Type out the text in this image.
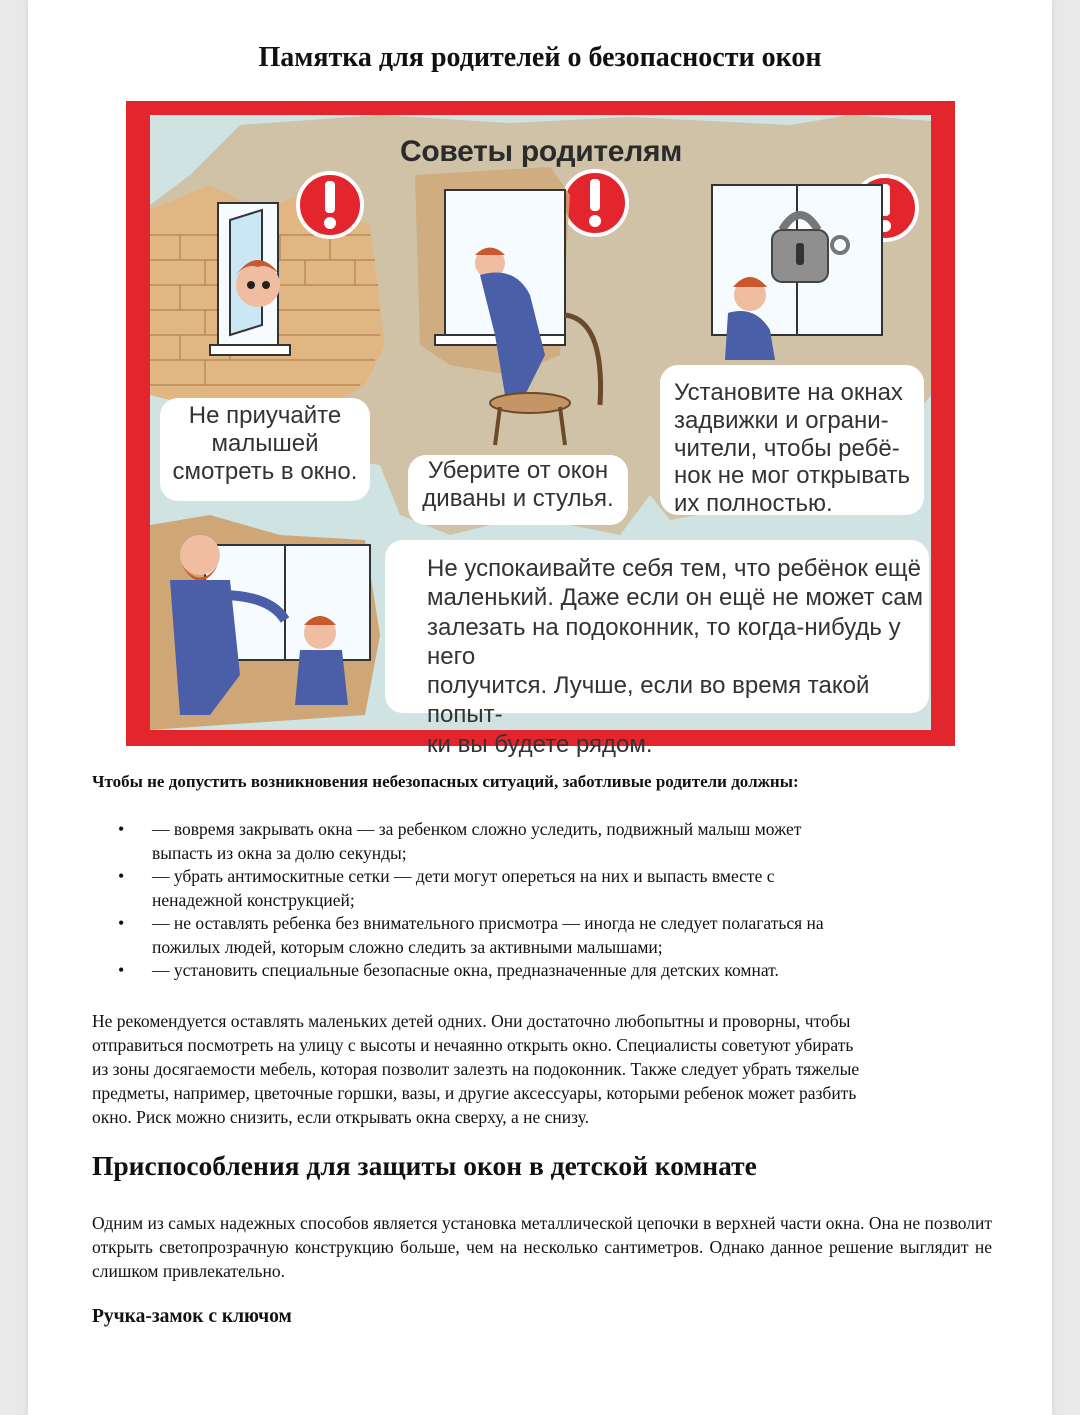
Памятка для родителей о безопасности окон
Советы родителям
Не приучайте
малышей
смотреть в окно.	Уберите от окон
диваны и стулья.
Установите на окнах
задвижки и ограни-
чители, чтобы ребё-
нок не мог открывать
их полностью.
Не успокаивайте себя тем, что ребёнок ещё
маленький. Даже если он ещё не может сам
залезать на подоконник, то когда-нибудь у него
получится. Лучше, если во время такой попыт-
ки вы будете рядом.

Чтобы не допустить возникновения небезопасных ситуаций, заботливые родители должны:

• — вовремя закрывать окна — за ребенком сложно уследить, подвижный малыш может
выпасть из окна за долю секунды;
• — убрать антимоскитные сетки — дети могут опереться на них и выпасть вместе с
ненадежной конструкцией;
• — не оставлять ребенка без внимательного присмотра — иногда не следует полагаться на
пожилых людей, которым сложно следить за активными малышами;
• — установить специальные безопасные окна, предназначенные для детских комнат.
Не рекомендуется оставлять маленьких детей одних. Они достаточно любопытны и проворны, чтобы
отправиться посмотреть на улицу с высоты и нечаянно открыть окно. Специалисты советуют убирать
из зоны досягаемости мебель, которая позволит залезть на подоконник. Также следует убрать тяжелые
предметы, например, цветочные горшки, вазы, и другие аксессуары, которыми ребенок может разбить
окно. Риск можно снизить, если открывать окна сверху, а не снизу.
Приспособления для защиты окон в детской комнате

Одним из самых надежных способов является установка металлической цепочки в верхней части окна. Она не позволит открыть светопрозрачную конструкцию больше, чем на несколько сантиметров. Однако данное решение выглядит не слишком привлекательно.

Ручка-замок с ключом
